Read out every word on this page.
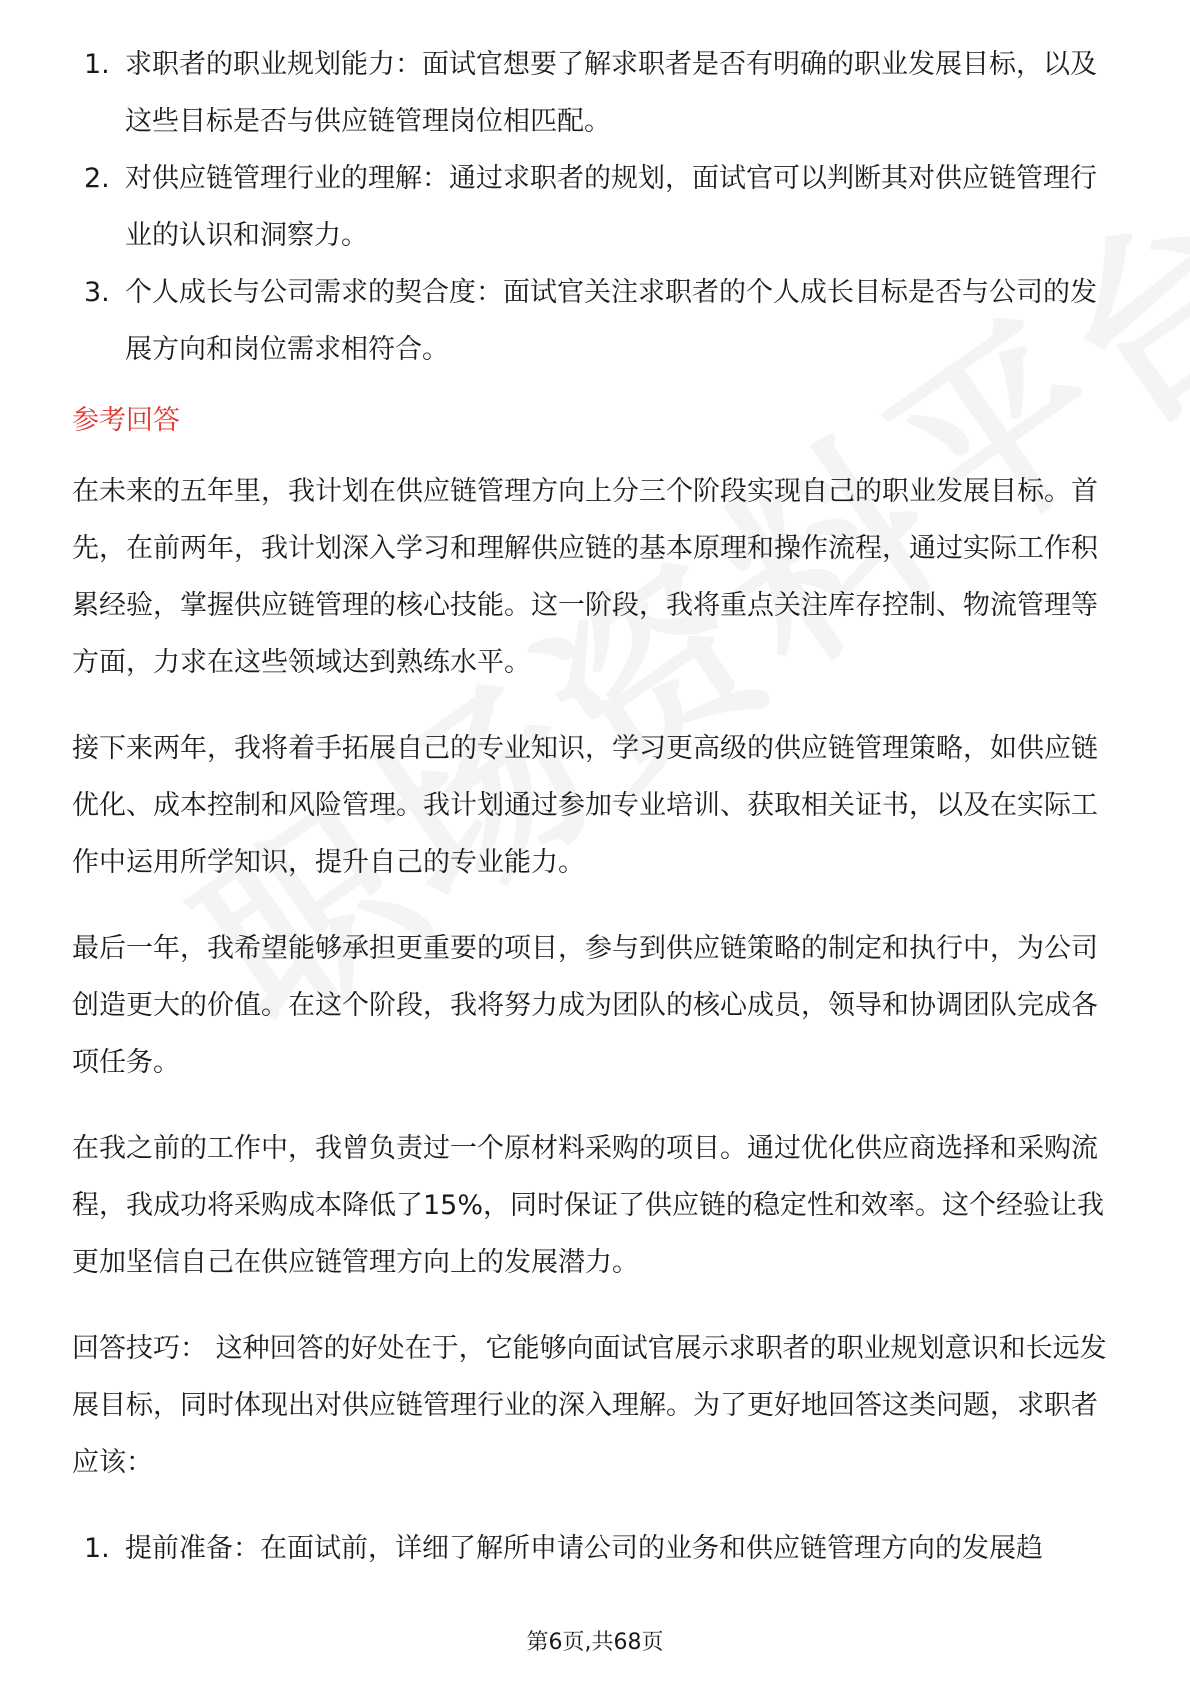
1. 求职者的职业规划能力：面试官想要了解求职者是否有明确的职业发展目标，以及这些目标是否与供应链管理岗位相匹配。
2. 对供应链管理行业的理解：通过求职者的规划，面试官可以判断其对供应链管理行业的认识和洞察力。
3. 个人成长与公司需求的契合度：面试官关注求职者的个人成长目标是否与公司的发展方向和岗位需求相符合。
参考回答

在未来的五年里，我计划在供应链管理方向上分三个阶段实现自己的职业发展目标。首先，在前两年，我计划深入学习和理解供应链的基本原理和操作流程，通过实际工作积累经验，掌握供应链管理的核心技能。这一阶段，我将重点关注库存控制、物流管理等方面，力求在这些领域达到熟练水平。

接下来两年，我将着手拓展自己的专业知识，学习更高级的供应链管理策略，如供应链优化、成本控制和风险管理。我计划通过参加专业培训、获取相关证书，以及在实际工作中运用所学知识，提升自己的专业能力。

最后一年，我希望能够承担更重要的项目，参与到供应链策略的制定和执行中，为公司创造更大的价值。在这个阶段，我将努力成为团队的核心成员，领导和协调团队完成各项任务。

在我之前的工作中，我曾负责过一个原材料采购的项目。通过优化供应商选择和采购流程，我成功将采购成本降低了15%，同时保证了供应链的稳定性和效率。这个经验让我更加坚信自己在供应链管理方向上的发展潜力。

回答技巧： 这种回答的好处在于，它能够向面试官展示求职者的职业规划意识和长远发展目标，同时体现出对供应链管理行业的深入理解。为了更好地回答这类问题，求职者应该：

1. 提前准备：在面试前，详细了解所申请公司的业务和供应链管理方向的发展趋
第6页,共68页
